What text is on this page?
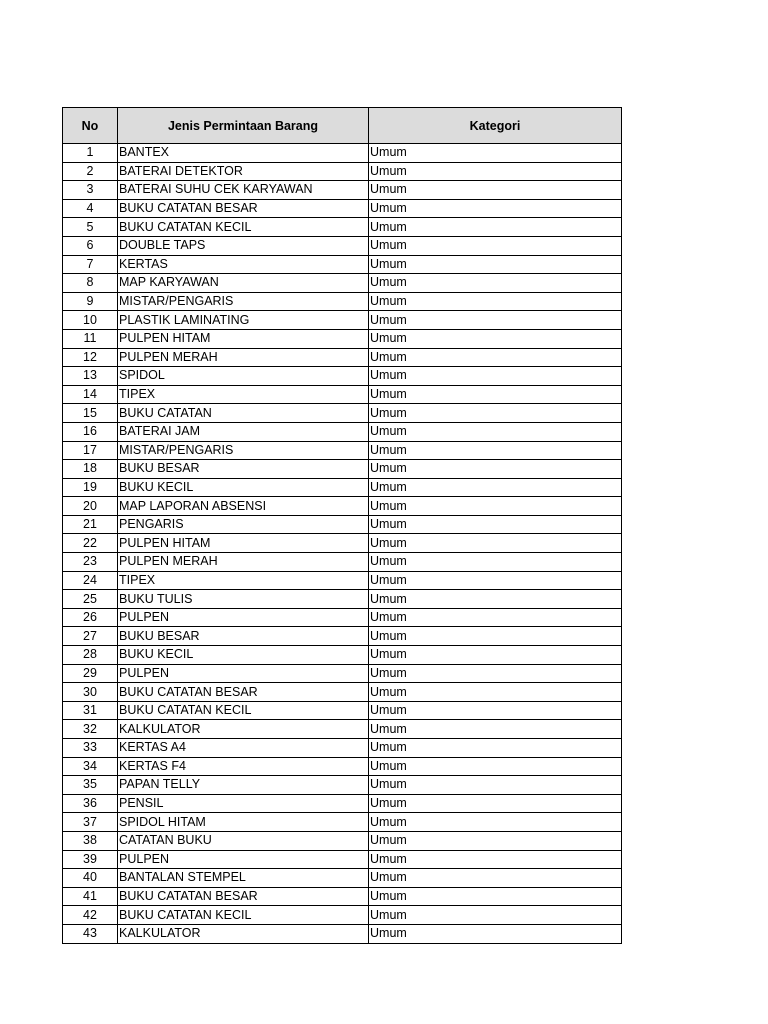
No	Jenis Permintaan Barang	Kategori
1	BANTEX	Umum
2	BATERAI DETEKTOR	Umum
3	BATERAI SUHU CEK KARYAWAN	Umum
4	BUKU CATATAN BESAR	Umum
5	BUKU CATATAN KECIL	Umum
6	DOUBLE TAPS	Umum
7	KERTAS	Umum
8	MAP KARYAWAN	Umum
9	MISTAR/PENGARIS	Umum
10	PLASTIK LAMINATING	Umum
11	PULPEN HITAM	Umum
12	PULPEN MERAH	Umum
13	SPIDOL	Umum
14	TIPEX	Umum
15	BUKU CATATAN	Umum
16	BATERAI JAM	Umum
17	MISTAR/PENGARIS	Umum
18	BUKU BESAR	Umum
19	BUKU KECIL	Umum
20	MAP LAPORAN ABSENSI	Umum
21	PENGARIS	Umum
22	PULPEN HITAM	Umum
23	PULPEN MERAH	Umum
24	TIPEX	Umum
25	BUKU TULIS	Umum
26	PULPEN	Umum
27	BUKU BESAR	Umum
28	BUKU KECIL	Umum
29	PULPEN	Umum
30	BUKU CATATAN BESAR	Umum
31	BUKU CATATAN KECIL	Umum
32	KALKULATOR	Umum
33	KERTAS A4	Umum
34	KERTAS F4	Umum
35	PAPAN TELLY	Umum
36	PENSIL	Umum
37	SPIDOL HITAM	Umum
38	CATATAN BUKU	Umum
39	PULPEN	Umum
40	BANTALAN STEMPEL	Umum
41	BUKU CATATAN BESAR	Umum
42	BUKU CATATAN KECIL	Umum
43	KALKULATOR	Umum
